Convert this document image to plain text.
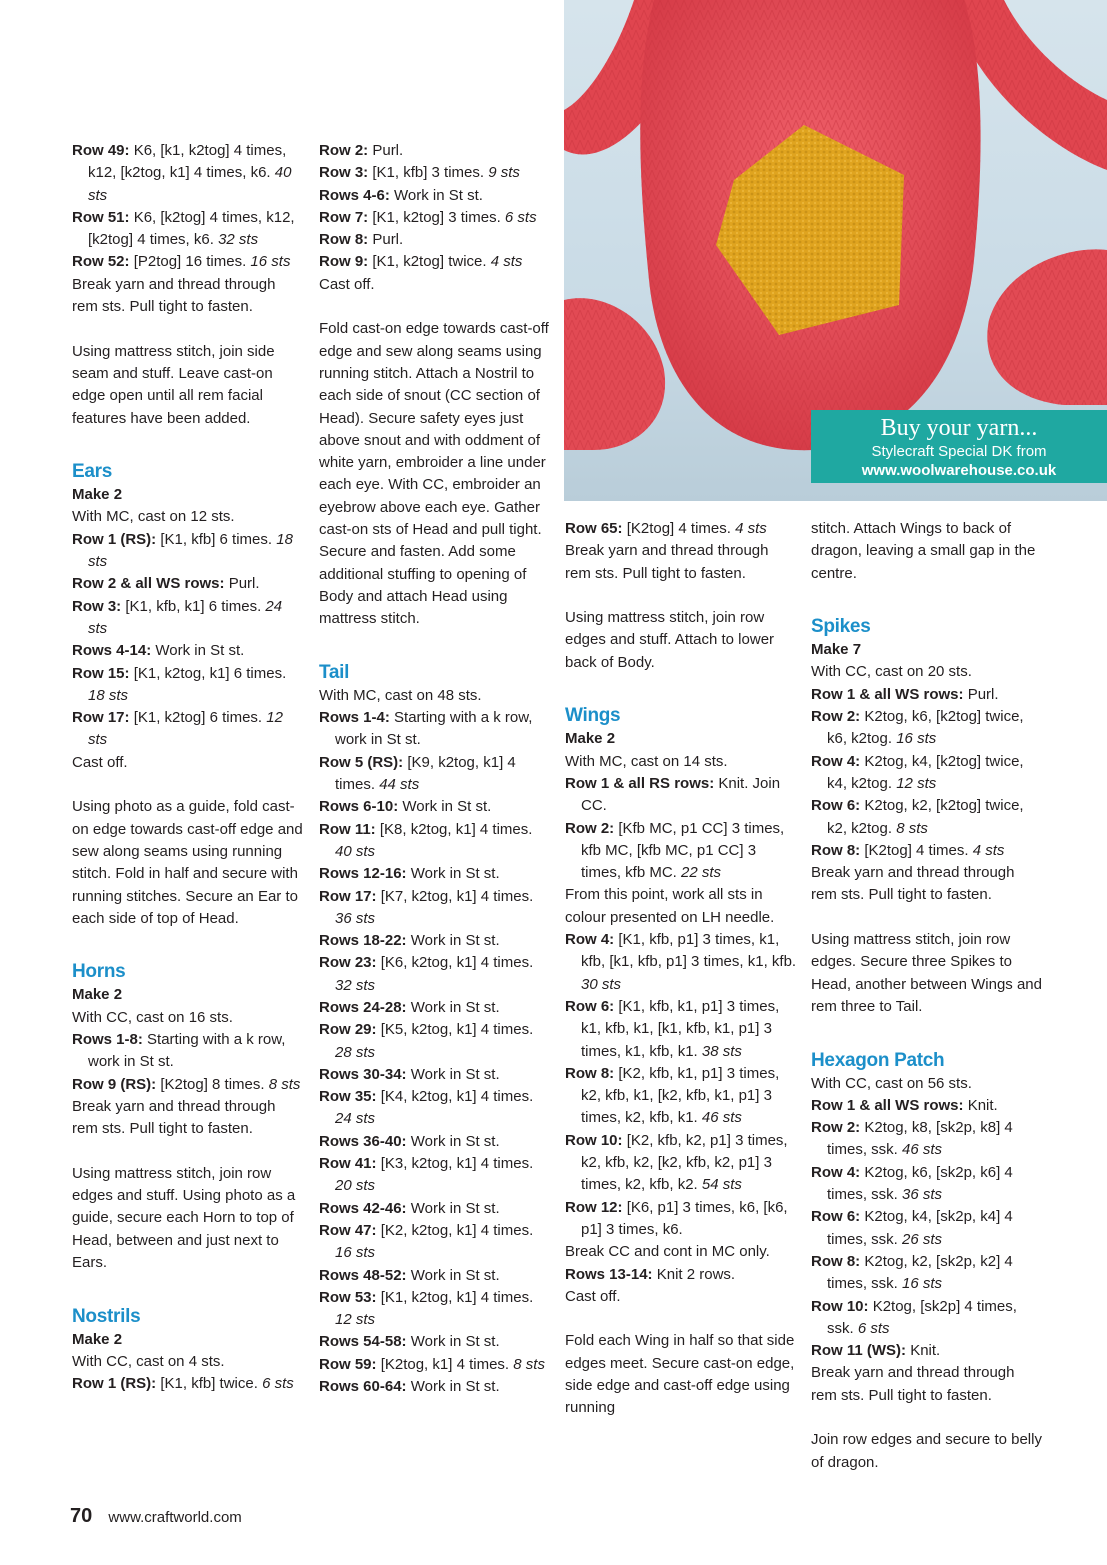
Row 49: K6, [k1, k2tog] 4 times, k12, [k2tog, k1] 4 times, k6. 40 sts

Row 51: K6, [k2tog] 4 times, k12, [k2tog] 4 times, k6. 32 sts

Row 52: [P2tog] 16 times. 16 sts

Break yarn and thread through rem sts. Pull tight to fasten.

Using mattress stitch, join side seam and stuff. Leave cast-on edge open until all rem facial features have been added.

Ears

Make 2

With MC, cast on 12 sts.

Row 1 (RS): [K1, kfb] 6 times. 18 sts

Row 2 & all WS rows: Purl.

Row 3: [K1, kfb, k1] 6 times. 24 sts

Rows 4-14: Work in St st.

Row 15: [K1, k2tog, k1] 6 times. 18 sts

Row 17: [K1, k2tog] 6 times. 12 sts

Cast off.

Using photo as a guide, fold cast-on edge towards cast-off edge and sew along seams using running stitch. Fold in half and secure with running stitches. Secure an Ear to each side of top of Head.

Horns

Make 2

With CC, cast on 16 sts.

Rows 1-8: Starting with a k row, work in St st.

Row 9 (RS): [K2tog] 8 times. 8 sts

Break yarn and thread through rem sts. Pull tight to fasten.

Using mattress stitch, join row edges and stuff. Using photo as a guide, secure each Horn to top of Head, between and just next to Ears.

Nostrils

Make 2

With CC, cast on 4 sts.

Row 1 (RS): [K1, kfb] twice. 6 sts

Row 2: Purl.

Row 3: [K1, kfb] 3 times. 9 sts

Rows 4-6: Work in St st.

Row 7: [K1, k2tog] 3 times. 6 sts

Row 8: Purl.

Row 9: [K1, k2tog] twice. 4 sts

Cast off.

Fold cast-on edge towards cast-off edge and sew along seams using running stitch. Attach a Nostril to each side of snout (CC section of Head). Secure safety eyes just above snout and with oddment of white yarn, embroider a line under each eye. With CC, embroider an eyebrow above each eye. Gather cast-on sts of Head and pull tight. Secure and fasten. Add some additional stuffing to opening of Body and attach Head using mattress stitch.

Tail

With MC, cast on 48 sts.

Rows 1-4: Starting with a k row, work in St st.

Row 5 (RS): [K9, k2tog, k1] 4 times. 44 sts

Rows 6-10: Work in St st.

Row 11: [K8, k2tog, k1] 4 times. 40 sts

Rows 12-16: Work in St st.

Row 17: [K7, k2tog, k1] 4 times. 36 sts

Rows 18-22: Work in St st.

Row 23: [K6, k2tog, k1] 4 times. 32 sts

Rows 24-28: Work in St st.

Row 29: [K5, k2tog, k1] 4 times. 28 sts

Rows 30-34: Work in St st.

Row 35: [K4, k2tog, k1] 4 times. 24 sts

Rows 36-40: Work in St st.

Row 41: [K3, k2tog, k1] 4 times. 20 sts

Rows 42-46: Work in St st.

Row 47: [K2, k2tog, k1] 4 times. 16 sts

Rows 48-52: Work in St st.

Row 53: [K1, k2tog, k1] 4 times. 12 sts

Rows 54-58: Work in St st.

Row 59: [K2tog, k1] 4 times. 8 sts

Rows 60-64: Work in St st.

Row 65: [K2tog] 4 times. 4 sts

Break yarn and thread through rem sts. Pull tight to fasten.

Using mattress stitch, join row edges and stuff. Attach to lower back of Body.

Wings

Make 2

With MC, cast on 14 sts.

Row 1 & all RS rows: Knit. Join CC.

Row 2: [Kfb MC, p1 CC] 3 times, kfb MC, [kfb MC, p1 CC] 3 times, kfb MC. 22 sts

From this point, work all sts in colour presented on LH needle.

Row 4: [K1, kfb, p1] 3 times, k1, kfb, [k1, kfb, p1] 3 times, k1, kfb. 30 sts

Row 6: [K1, kfb, k1, p1] 3 times, k1, kfb, k1, [k1, kfb, k1, p1] 3 times, k1, kfb, k1. 38 sts

Row 8: [K2, kfb, k1, p1] 3 times, k2, kfb, k1, [k2, kfb, k1, p1] 3 times, k2, kfb, k1. 46 sts

Row 10: [K2, kfb, k2, p1] 3 times, k2, kfb, k2, [k2, kfb, k2, p1] 3 times, k2, kfb, k2. 54 sts

Row 12: [K6, p1] 3 times, k6, [k6, p1] 3 times, k6.

Break CC and cont in MC only.

Rows 13-14: Knit 2 rows.

Cast off.

Fold each Wing in half so that side edges meet. Secure cast-on edge, side edge and cast-off edge using running

stitch. Attach Wings to back of dragon, leaving a small gap in the centre.

Spikes

Make 7

With CC, cast on 20 sts.

Row 1 & all WS rows: Purl.

Row 2: K2tog, k6, [k2tog] twice, k6, k2tog. 16 sts

Row 4: K2tog, k4, [k2tog] twice, k4, k2tog. 12 sts

Row 6: K2tog, k2, [k2tog] twice, k2, k2tog. 8 sts

Row 8: [K2tog] 4 times. 4 sts

Break yarn and thread through rem sts. Pull tight to fasten.

Using mattress stitch, join row edges. Secure three Spikes to Head, another between Wings and rem three to Tail.

Hexagon Patch

With CC, cast on 56 sts.

Row 1 & all WS rows: Knit.

Row 2: K2tog, k8, [sk2p, k8] 4 times, ssk. 46 sts

Row 4: K2tog, k6, [sk2p, k6] 4 times, ssk. 36 sts

Row 6: K2tog, k4, [sk2p, k4] 4 times, ssk. 26 sts

Row 8: K2tog, k2, [sk2p, k2] 4 times, ssk. 16 sts

Row 10: K2tog, [sk2p] 4 times, ssk. 6 sts

Row 11 (WS): Knit.

Break yarn and thread through rem sts. Pull tight to fasten.

Join row edges and secure to belly of dragon.

Buy your yarn...
Stylecraft Special DK from
www.woolwarehouse.co.uk
70 www.craftworld.com
